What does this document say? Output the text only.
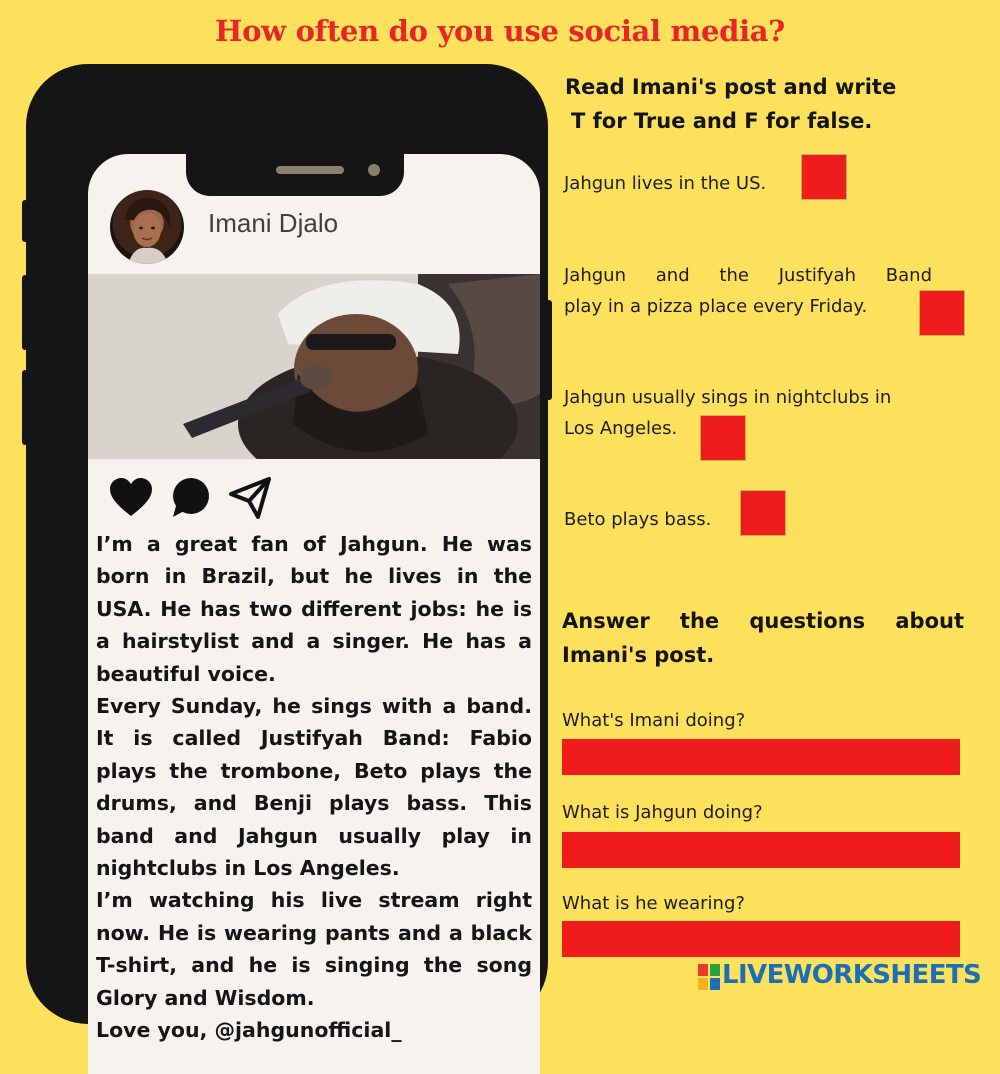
How often do you use social media?
Imani Djalo

I’m a great fan of Jahgun. He was born in Brazil, but he lives in the USA. He has two different jobs: he is a hairstylist and a singer. He has a beautiful voice.

Every Sunday, he sings with a band. It is called Justifyah Band: Fabio plays the trombone, Beto plays the drums, and Benji plays bass. This band and Jahgun usually play in nightclubs in Los Angeles.

I’m watching his live stream right now. He is wearing pants and a black T-shirt, and he is singing the song Glory and Wisdom.

Love you, @jahgunofficial_

Read Imani's post and write
T for True and F for false.
Jahgun lives in the US.
Jahgun and the Justifyah Band
play in a pizza place every Friday.
Jahgun usually sings in nightclubs in
Los Angeles.
Beto plays bass.
Answer the questions about
Imani's post.
What's Imani doing?
What is Jahgun doing?
What is he wearing?
LIVEWORKSHEETS
